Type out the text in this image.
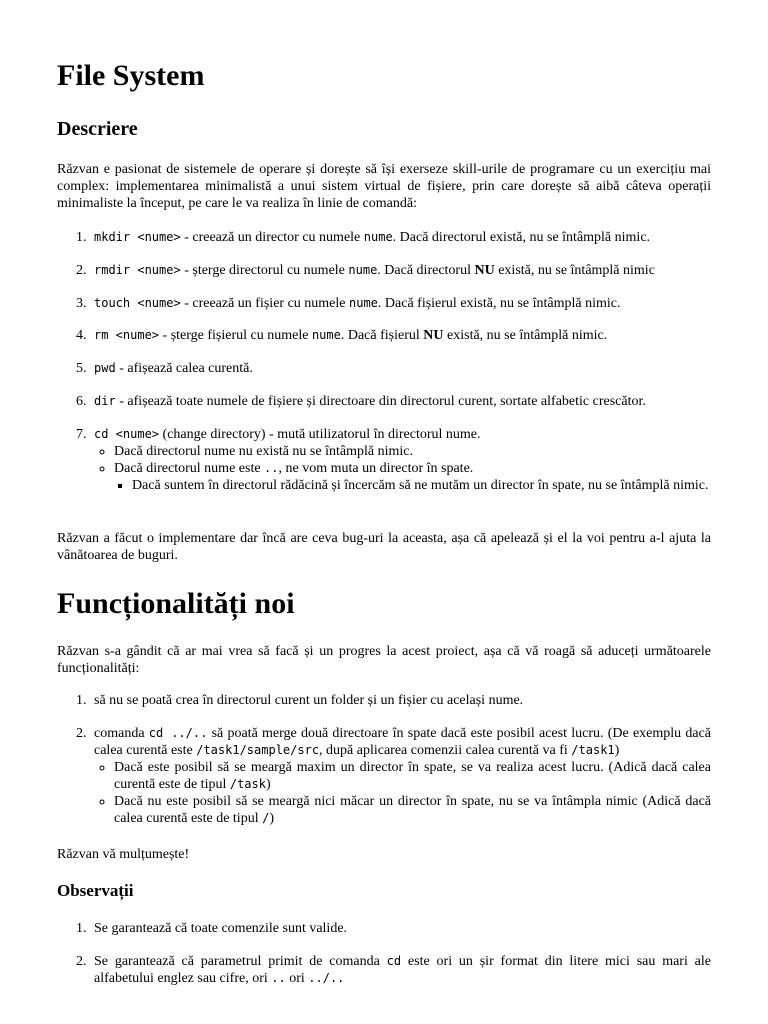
File System
Descriere

Răzvan e pasionat de sistemele de operare și dorește să își exerseze skill-urile de programare cu un exercițiu mai complex: implementarea minimalistă a unui sistem virtual de fișiere, prin care dorește să aibă câteva operații minimaliste la început, pe care le va realiza în linie de comandă:

1. mkdir <nume> - creează un director cu numele nume. Dacă directorul există, nu se întâmplă nimic.
2. rmdir <nume> - șterge directorul cu numele nume. Dacă directorul NU există, nu se întâmplă nimic
3. touch <nume> - creează un fișier cu numele nume. Dacă fișierul există, nu se întâmplă nimic.
4. rm <nume> - șterge fișierul cu numele nume. Dacă fișierul NU există, nu se întâmplă nimic.
5. pwd - afișează calea curentă.
6. dir - afișează toate numele de fișiere și directoare din directorul curent, sortate alfabetic crescător.
7. cd <nume> (change directory) - mută utilizatorul în directorul nume.
◦ Dacă directorul nume nu există nu se întâmplă nimic.
◦ Dacă directorul nume este .., ne vom muta un director în spate.
▪ Dacă suntem în directorul rădăcină și încercăm să ne mutăm un director în spate, nu se întâmplă nimic.

Răzvan a făcut o implementare dar încă are ceva bug-uri la aceasta, așa că apelează și el la voi pentru a-l ajuta la vânătoarea de buguri.

Funcționalități noi

Răzvan s-a gândit că ar mai vrea să facă și un progres la acest proiect, așa că vă roagă să aduceți următoarele funcționalități:

1. să nu se poată crea în directorul curent un folder și un fișier cu același nume.
2. comanda cd ../.. să poată merge două directoare în spate dacă este posibil acest lucru. (De exemplu dacă calea curentă este /task1/sample/src, după aplicarea comenzii calea curentă va fi /task1)
◦ Dacă este posibil să se meargă maxim un director în spate, se va realiza acest lucru. (Adică dacă calea curentă este de tipul /task)
◦ Dacă nu este posibil să se meargă nici măcar un director în spate, nu se va întâmpla nimic (Adică dacă calea curentă este de tipul /)

Răzvan vă mulțumește!

Observații
1. Se garantează că toate comenzile sunt valide.
2. Se garantează că parametrul primit de comanda cd este ori un șir format din litere mici sau mari ale alfabetului englez sau cifre, ori .. ori ../..
